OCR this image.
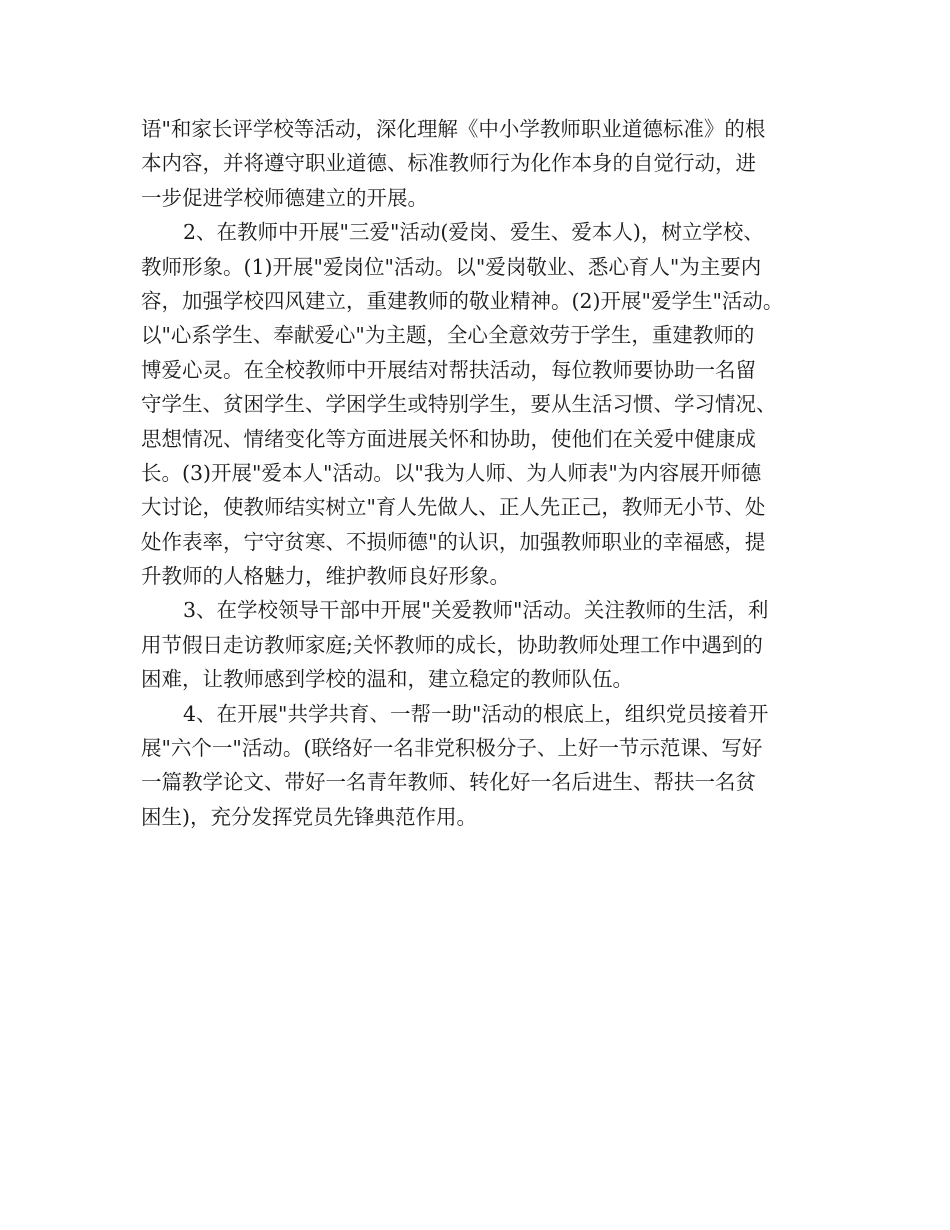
语"和家长评学校等活动，深化理解《中小学教师职业道德标准》的根
本内容，并将遵守职业道德、标准教师行为化作本身的自觉行动，进
一步促进学校师德建立的开展。
2、在教师中开展"三爱"活动(爱岗、爱生、爱本人)，树立学校、
教师形象。(1)开展"爱岗位"活动。以"爱岗敬业、悉心育人"为主要内
容，加强学校四风建立，重建教师的敬业精神。(2)开展"爱学生"活动。
以"心系学生、奉献爱心"为主题，全心全意效劳于学生，重建教师的
博爱心灵。在全校教师中开展结对帮扶活动，每位教师要协助一名留
守学生、贫困学生、学困学生或特别学生，要从生活习惯、学习情况、
思想情况、情绪变化等方面进展关怀和协助，使他们在关爱中健康成
长。(3)开展"爱本人"活动。以"我为人师、为人师表"为内容展开师德
大讨论，使教师结实树立"育人先做人、正人先正己，教师无小节、处
处作表率，宁守贫寒、不损师德"的认识，加强教师职业的幸福感，提
升教师的人格魅力，维护教师良好形象。
3、在学校领导干部中开展"关爱教师"活动。关注教师的生活，利
用节假日走访教师家庭;关怀教师的成长，协助教师处理工作中遇到的
困难，让教师感到学校的温和，建立稳定的教师队伍。
4、在开展"共学共育、一帮一助"活动的根底上，组织党员接着开
展"六个一"活动。(联络好一名非党积极分子、上好一节示范课、写好
一篇教学论文、带好一名青年教师、转化好一名后进生、帮扶一名贫
困生)，充分发挥党员先锋典范作用。
